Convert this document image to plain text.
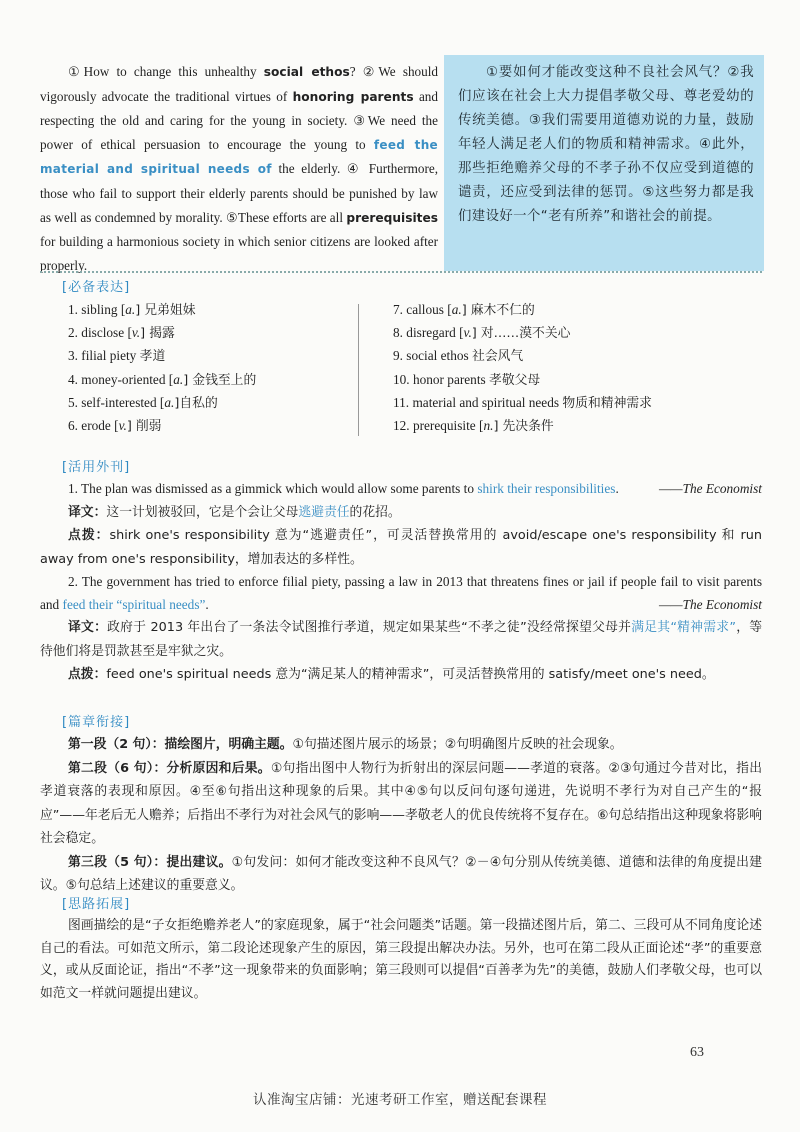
①How to change this unhealthy social ethos? ②We should vigorously advocate the traditional virtues of honoring parents and respecting the old and caring for the young in society. ③We need the power of ethical persuasion to encourage the young to feed the material and spiritual needs of the elderly. ④ Furthermore, those who fail to support their elderly parents should be punished by law as well as condemned by morality. ⑤These efforts are all prerequisites for building a harmonious society in which senior citizens are looked after properly.
①要如何才能改变这种不良社会风气？②我们应该在社会上大力提倡孝敬父母、尊老爱幼的传统美德。③我们需要用道德劝说的力量，鼓励年轻人满足老人们的物质和精神需求。④此外，那些拒绝赡养父母的不孝子孙不仅应受到道德的谴责，还应受到法律的惩罚。⑤这些努力都是我们建设好一个“老有所养”和谐社会的前提。
[必备表达]
1. sibling [a.] 兄弟姐妹
2. disclose [v.] 揭露
3. filial piety 孝道
4. money-oriented [a.] 金钱至上的
5. self-interested [a.]自私的
6. erode [v.] 削弱
7. callous [a.] 麻木不仁的
8. disregard [v.] 对……漠不关心
9. social ethos 社会风气
10. honor parents 孝敬父母
11. material and spiritual needs 物质和精神需求
12. prerequisite [n.] 先决条件
[活用外刊]
1. The plan was dismissed as a gimmick which would allow some parents to shirk their responsibilities.	——The Economist
译文：这一计划被驳回，它是个会让父母逃避责任的花招。
点拨：shirk one's responsibility 意为“逃避责任”，可灵活替换常用的 avoid/escape one's responsibility 和 run away from one's responsibility，增加表达的多样性。
2. The government has tried to enforce filial piety, passing a law in 2013 that threatens fines or jail if people fail to visit parents and feed their “spiritual needs”.	——The Economist
译文：政府于 2013 年出台了一条法令试图推行孝道，规定如果某些“不孝之徒”没经常探望父母并满足其“精神需求”，等待他们将是罚款甚至是牢狱之灾。
点拨：feed one's spiritual needs 意为“满足某人的精神需求”，可灵活替换常用的 satisfy/meet one's need。
[篇章衔接]
第一段（2 句）：描绘图片，明确主题。①句描述图片展示的场景；②句明确图片反映的社会现象。
第二段（6 句）：分析原因和后果。①句指出图中人物行为折射出的深层问题——孝道的衰落。②③句通过今昔对比，指出孝道衰落的表现和原因。④至⑥句指出这种现象的后果。其中④⑤句以反问句逐句递进，先说明不孝行为对自己产生的“报应”——年老后无人赡养；后指出不孝行为对社会风气的影响——孝敬老人的优良传统将不复存在。⑥句总结指出这种现象将影响社会稳定。
第三段（5 句）：提出建议。①句发问：如何才能改变这种不良风气？②－④句分别从传统美德、道德和法律的角度提出建议。⑤句总结上述建议的重要意义。
[思路拓展]
图画描绘的是“子女拒绝赡养老人”的家庭现象，属于“社会问题类”话题。第一段描述图片后，第二、三段可从不同角度论述自己的看法。可如范文所示，第二段论述现象产生的原因，第三段提出解决办法。另外，也可在第二段从正面论述“孝”的重要意义，或从反面论证，指出“不孝”这一现象带来的负面影响；第三段则可以提倡“百善孝为先”的美德，鼓励人们孝敬父母，也可以如范文一样就问题提出建议。
63
认准淘宝店铺：光速考研工作室，赠送配套课程
